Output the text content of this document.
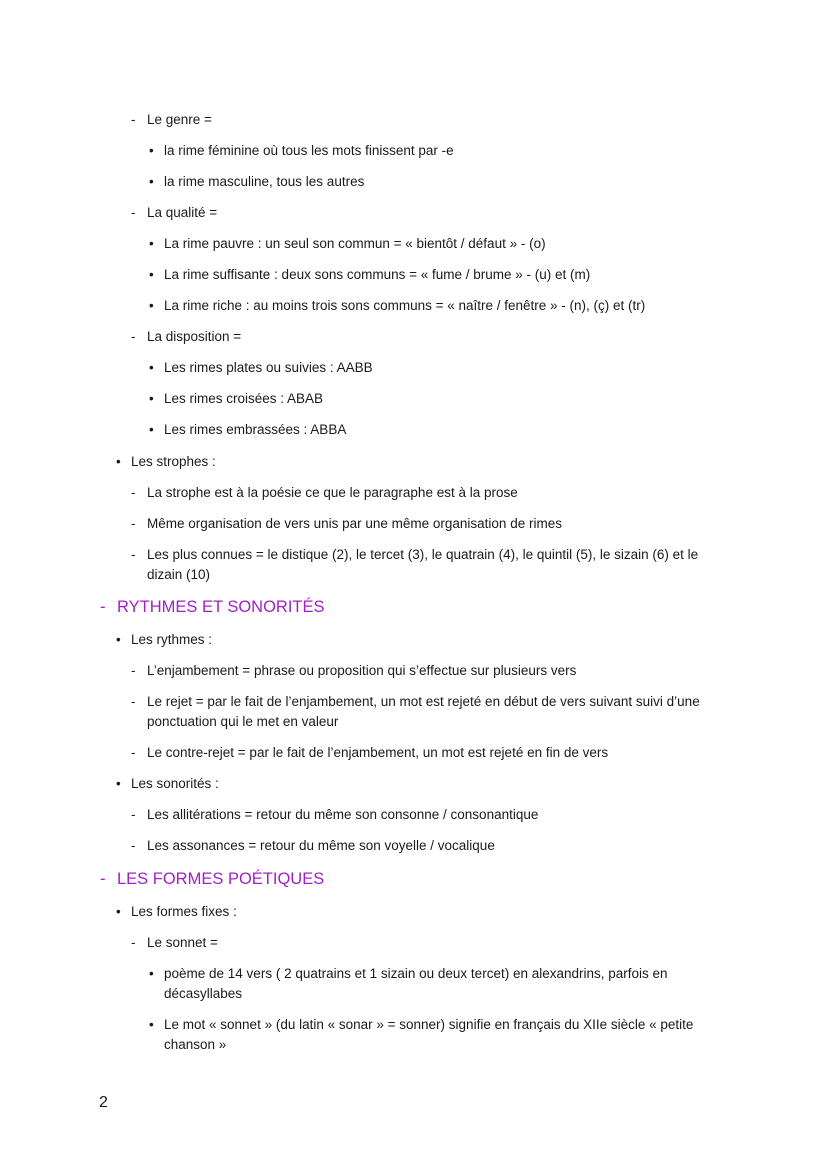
- Le genre =
• la rime féminine où tous les mots finissent par -e
• la rime masculine, tous les autres
- La qualité =
• La rime pauvre : un seul son commun = « bientôt / défaut » - (o)
• La rime suffisante : deux sons communs = « fume / brume » - (u) et (m)
• La rime riche : au moins trois sons communs = « naître / fenêtre » - (n), (ç) et (tr)
- La disposition =
• Les rimes plates ou suivies : AABB
• Les rimes croisées : ABAB
• Les rimes embrassées : ABBA
• Les strophes :
- La strophe est à la poésie ce que le paragraphe est à la prose
- Même organisation de vers unis par une même organisation de rimes
- Les plus connues = le distique (2), le tercet (3), le quatrain (4), le quintil (5), le sizain (6) et le
dizain (10)
- RYTHMES ET SONORITÉS
• Les rythmes :
- L’enjambement = phrase ou proposition qui s’effectue sur plusieurs vers
- Le rejet = par le fait de l’enjambement, un mot est rejeté en début de vers suivant suivi d’une
ponctuation qui le met en valeur
- Le contre-rejet = par le fait de l’enjambement, un mot est rejeté en fin de vers
• Les sonorités :
- Les allitérations = retour du même son consonne / consonantique
- Les assonances = retour du même son voyelle / vocalique
- LES FORMES POÉTIQUES
• Les formes fixes :
- Le sonnet =
• poème de 14 vers ( 2 quatrains et 1 sizain ou deux tercet) en alexandrins, parfois en
décasyllabes
• Le mot « sonnet » (du latin « sonar » = sonner) signifie en français du XIIe siècle « petite
chanson »
2
